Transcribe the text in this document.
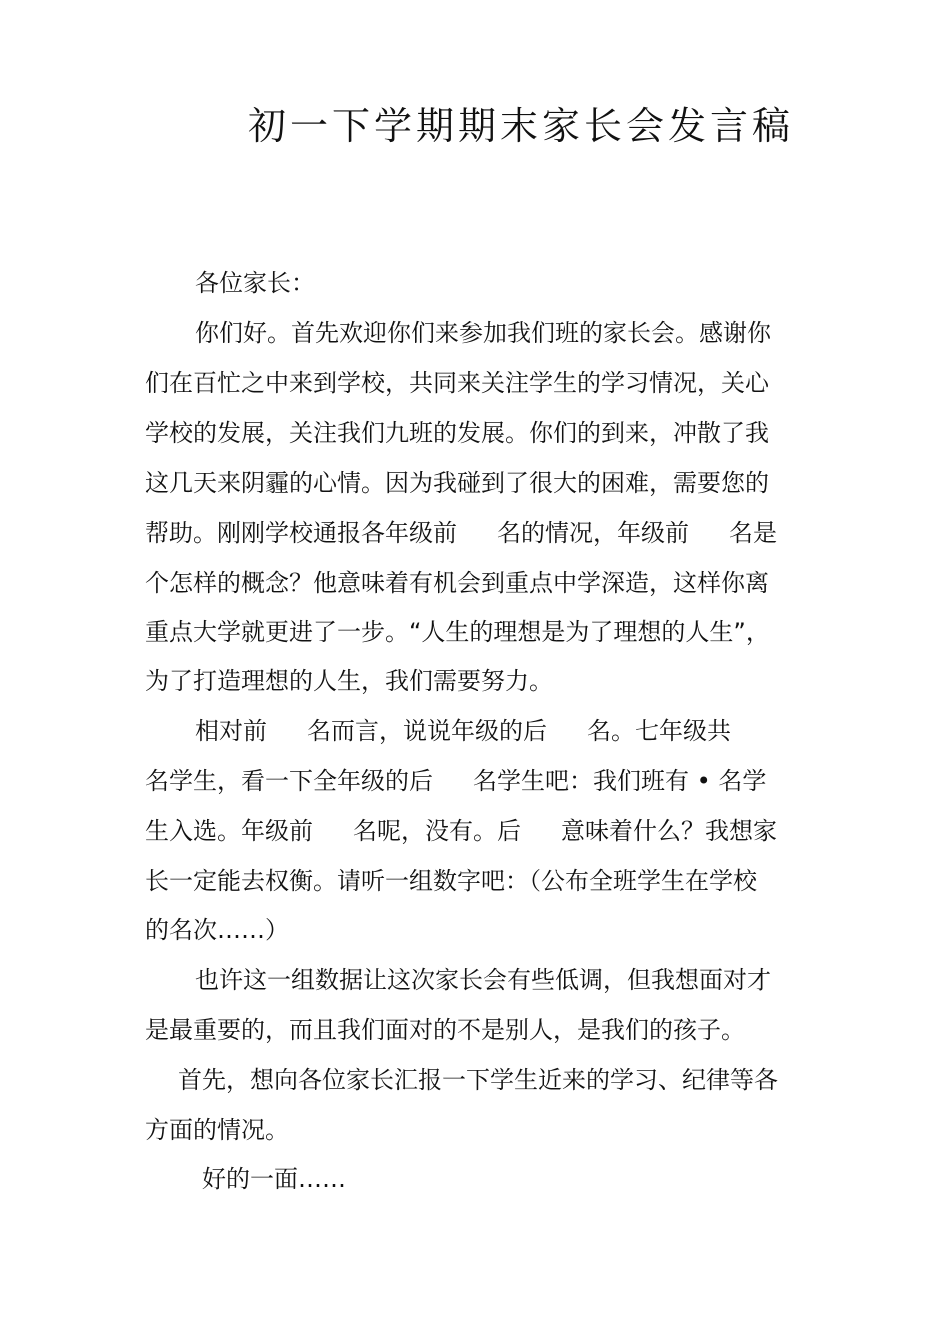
初一下学期期末家长会发言稿
各位家长：
你们好。首先欢迎你们来参加我们班的家长会。感谢你
们在百忙之中来到学校，共同来关注学生的学习情况，关心
学校的发展，关注我们九班的发展。你们的到来，冲散了我
这几天来阴霾的心情。因为我碰到了很大的困难，需要您的
帮助。刚刚学校通报各年级前 名的情况，年级前 名是
个怎样的概念？他意味着有机会到重点中学深造，这样你离
重点大学就更进了一步。“人生的理想是为了理想的人生”，
为了打造理想的人生，我们需要努力。
相对前 名而言，说说年级的后 名。七年级共
名学生，看一下全年级的后 名学生吧：我们班有 • 名学
生入选。年级前 名呢，没有。后 意味着什么？我想家
长一定能去权衡。请听一组数字吧：（公布全班学生在学校
的名次……）
也许这一组数据让这次家长会有些低调，但我想面对才
是最重要的，而且我们面对的不是别人，是我们的孩子。
首先，想向各位家长汇报一下学生近来的学习、纪律等各
方面的情况。
好的一面……
